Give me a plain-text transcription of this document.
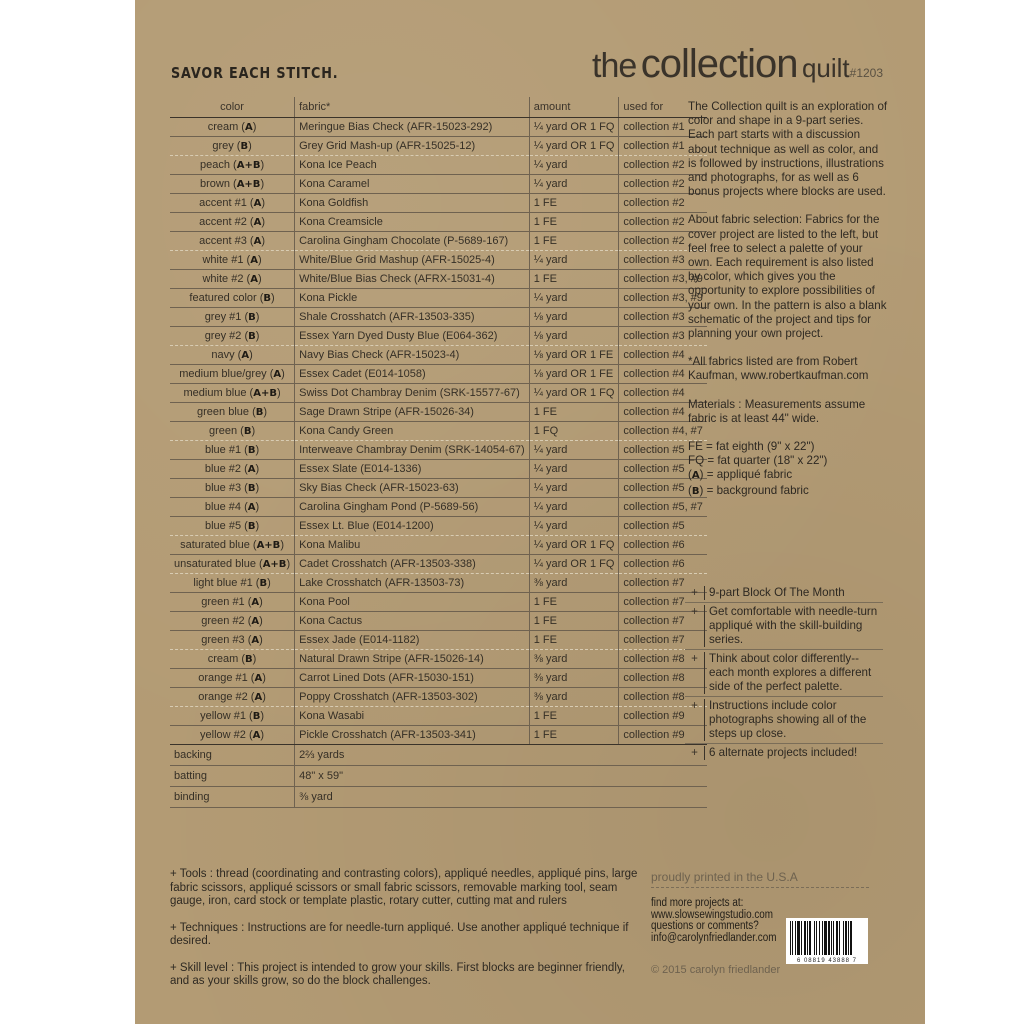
SAVOR EACH STITCH.	the collection quilt#1203
color	fabric*	amount	used for
cream (A)	Meringue Bias Check (AFR-15023-292)	¼ yard OR 1 FQ	collection #1
grey (B)	Grey Grid Mash-up (AFR-15025-12)	¼ yard OR 1 FQ	collection #1
peach (A+B)	Kona Ice Peach	¼ yard	collection #2
brown (A+B)	Kona Caramel	¼ yard	collection #2
accent #1 (A)	Kona Goldfish	1 FE	collection #2
accent #2 (A)	Kona Creamsicle	1 FE	collection #2
accent #3 (A)	Carolina Gingham Chocolate (P-5689-167)	1 FE	collection #2
white #1 (A)	White/Blue Grid Mashup (AFR-15025-4)	¼ yard	collection #3
white #2 (A)	White/Blue Bias Check (AFRX-15031-4)	1 FE	collection #3, #9
featured color (B)	Kona Pickle	¼ yard	collection #3, #9
grey #1 (B)	Shale Crosshatch (AFR-13503-335)	⅛ yard	collection #3
grey #2 (B)	Essex Yarn Dyed Dusty Blue (E064-362)	⅛ yard	collection #3
navy (A)	Navy Bias Check (AFR-15023-4)	⅛ yard OR 1 FE	collection #4
medium blue/grey (A)	Essex Cadet (E014-1058)	⅛ yard OR 1 FE	collection #4
medium blue (A+B)	Swiss Dot Chambray Denim (SRK-15577-67)	¼ yard OR 1 FQ	collection #4
green blue (B)	Sage Drawn Stripe (AFR-15026-34)	1 FE	collection #4
green (B)	Kona Candy Green	1 FQ	collection #4, #7
blue #1 (B)	Interweave Chambray Denim (SRK-14054-67)	¼ yard	collection #5
blue #2 (A)	Essex Slate (E014-1336)	¼ yard	collection #5
blue #3 (B)	Sky Bias Check (AFR-15023-63)	¼ yard	collection #5
blue #4 (A)	Carolina Gingham Pond (P-5689-56)	¼ yard	collection #5, #7
blue #5 (B)	Essex Lt. Blue (E014-1200)	¼ yard	collection #5
saturated blue (A+B)	Kona Malibu	¼ yard OR 1 FQ	collection #6
unsaturated blue (A+B)	Cadet Crosshatch (AFR-13503-338)	¼ yard OR 1 FQ	collection #6
light blue #1 (B)	Lake Crosshatch (AFR-13503-73)	⅜ yard	collection #7
green #1 (A)	Kona Pool	1 FE	collection #7
green #2 (A)	Kona Cactus	1 FE	collection #7
green #3 (A)	Essex Jade (E014-1182)	1 FE	collection #7
cream (B)	Natural Drawn Stripe (AFR-15026-14)	⅜ yard	collection #8
orange #1 (A)	Carrot Lined Dots (AFR-15030-151)	⅜ yard	collection #8
orange #2 (A)	Poppy Crosshatch (AFR-13503-302)	⅜ yard	collection #8
yellow #1 (B)	Kona Wasabi	1 FE	collection #9
yellow #2 (A)	Pickle Crosshatch (AFR-13503-341)	1 FE	collection #9
backing	2⅔ yards		
batting	48" x 59"		
binding	⅜ yard		

The Collection quilt is an exploration of color and shape in a 9-part series. Each part starts with a discussion about technique as well as color, and is followed by instructions, illustrations and photographs, for as well as 6 bonus projects where blocks are used.

About fabric selection: Fabrics for the cover project are listed to the left, but feel free to select a palette of your own. Each requirement is also listed by color, which gives you the opportunity to explore possibilities of your own. In the pattern is also a blank schematic of the project and tips for planning your own project.

*All fabrics listed are from Robert Kaufman, www.robertkaufman.com

Materials : Measurements assume fabric is at least 44" wide.

FE = fat eighth (9" x 22")
FQ = fat quarter (18" x 22")
(A) = appliqué fabric
(B) = background fabric
+ 9-part Block Of The Month
+ Get comfortable with needle-turn appliqué with the skill-building series.
+ Think about color differently--each month explores a different side of the perfect palette.
+ Instructions include color photographs showing all of the steps up close.
+ 6 alternate projects included!

+ Tools : thread (coordinating and contrasting colors), appliqué needles, appliqué pins, large fabric scissors, appliqué scissors or small fabric scissors, removable marking tool, seam gauge, iron, card stock or template plastic, rotary cutter, cutting mat and rulers

+ Techniques : Instructions are for needle-turn appliqué. Use another appliqué technique if desired.

+ Skill level : This project is intended to grow your skills. First blocks are beginner friendly, and as your skills grow, so do the block challenges.

proudly printed in the U.S.A
find more projects at:
www.slowsewingstudio.com
questions or comments?
info@carolynfriedlander.com
© 2015 carolyn friedlander
6 08819 43888 7
